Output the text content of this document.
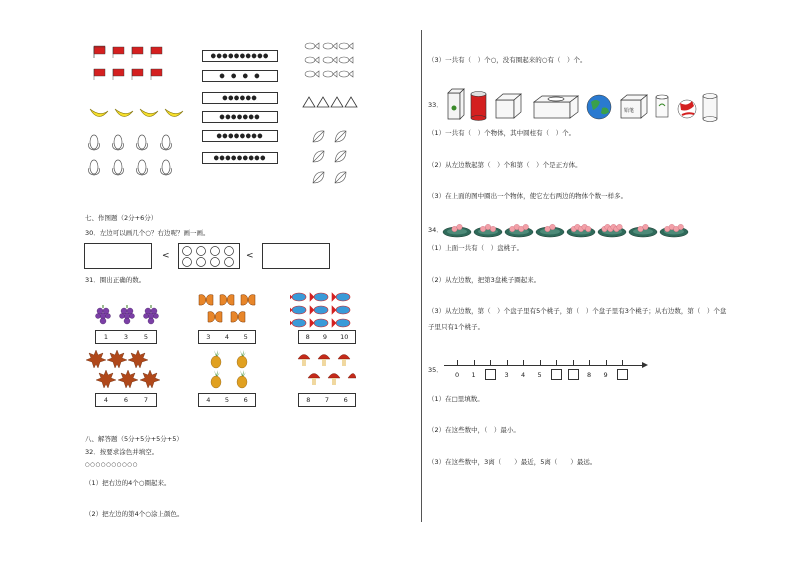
●●●●●●●●●●
● ● ● ●
●●●●●●
●●●●●●●
●●●●●●●●
●●●●●●●●●
七、作图题（2分+6分）
30．左边可以画几个○？右边呢？画一画。
<	<
31．圈出正确的数。
1 3 5	3 4 5	8 9 10
4 6 7	4 5 6	8 7 6
八、解答题（5分+5分+5分+5）
32．按要求涂色并填空。
○○○○○○○○○○
（1）把右边的4个○圈起来。
（2）把左边的第4个○涂上颜色。
（3）一共有（　）个○，没有圈起来的○有（　）个。
33．
铅笔
（1）一共有（　）个物体，其中圆柱有（　）个。
（2）从左边数起第（　）个和第（　）个是正方体。
（3）在上面的图中圈出一个物体，使它左右两边的物体个数一样多。
34．
（1）上面一共有（　）盘桃子。
（2）从左边数，把第3盘桃子圈起来。
（3）从左边数，第（　）个盘子里有5个桃子，第（　）个盘子里有3个桃子；从右边数，第（　）个盘
子里只有1个桃子。
35．
0 1	3 4 5	8 9
（1）在□里填数。
（2）在这些数中，（　）最小。
（3）在这些数中，3离（　　）最近，5离（　　）最远。
